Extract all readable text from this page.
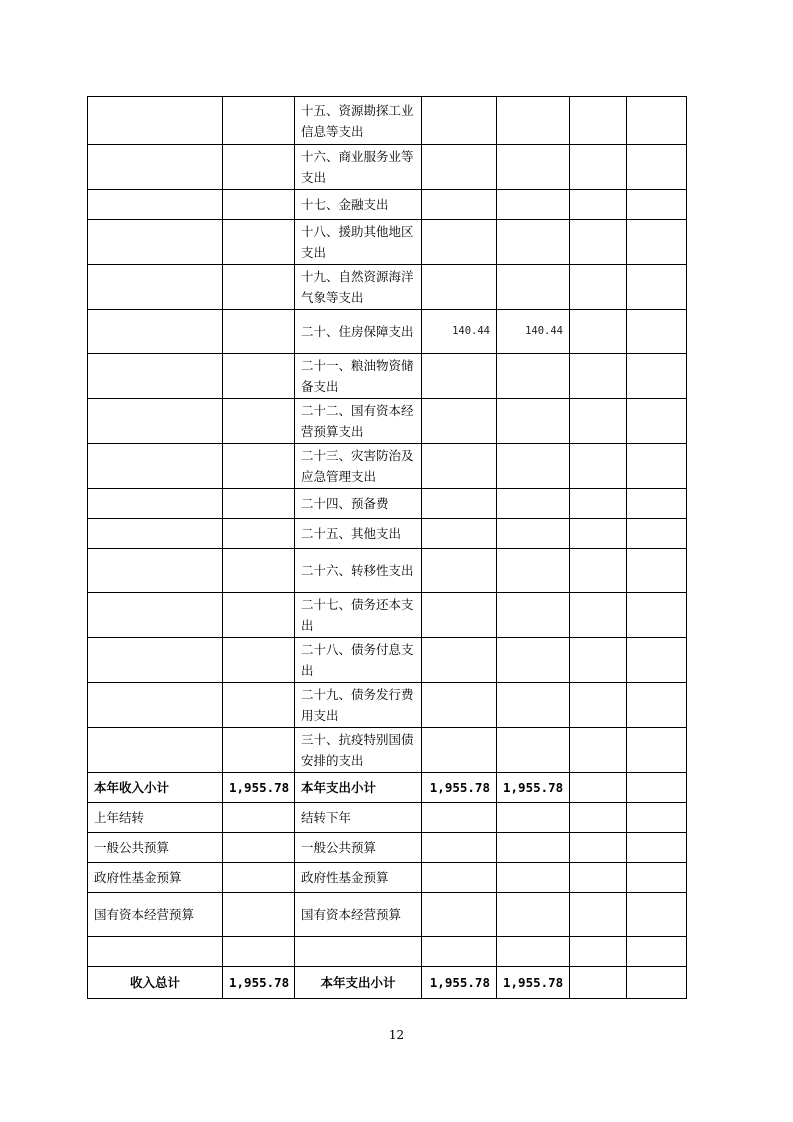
		十五、资源勘探工业信息等支出				
		十六、商业服务业等支出				
		十七、金融支出				
		十八、援助其他地区支出				
		十九、自然资源海洋气象等支出				
		二十、住房保障支出	140.44	140.44		
		二十一、粮油物资储备支出				
		二十二、国有资本经营预算支出				
		二十三、灾害防治及应急管理支出				
		二十四、预备费				
		二十五、其他支出				
		二十六、转移性支出				
		二十七、债务还本支出				
		二十八、债务付息支出				
		二十九、债务发行费用支出				
		三十、抗疫特别国债安排的支出				
本年收入小计	1,955.78	本年支出小计	1,955.78	1,955.78		
上年结转		结转下年				
一般公共预算		一般公共预算				
政府性基金预算		政府性基金预算				
国有资本经营预算		国有资本经营预算				

收入总计	1,955.78	本年支出小计	1,955.78	1,955.78		
12
